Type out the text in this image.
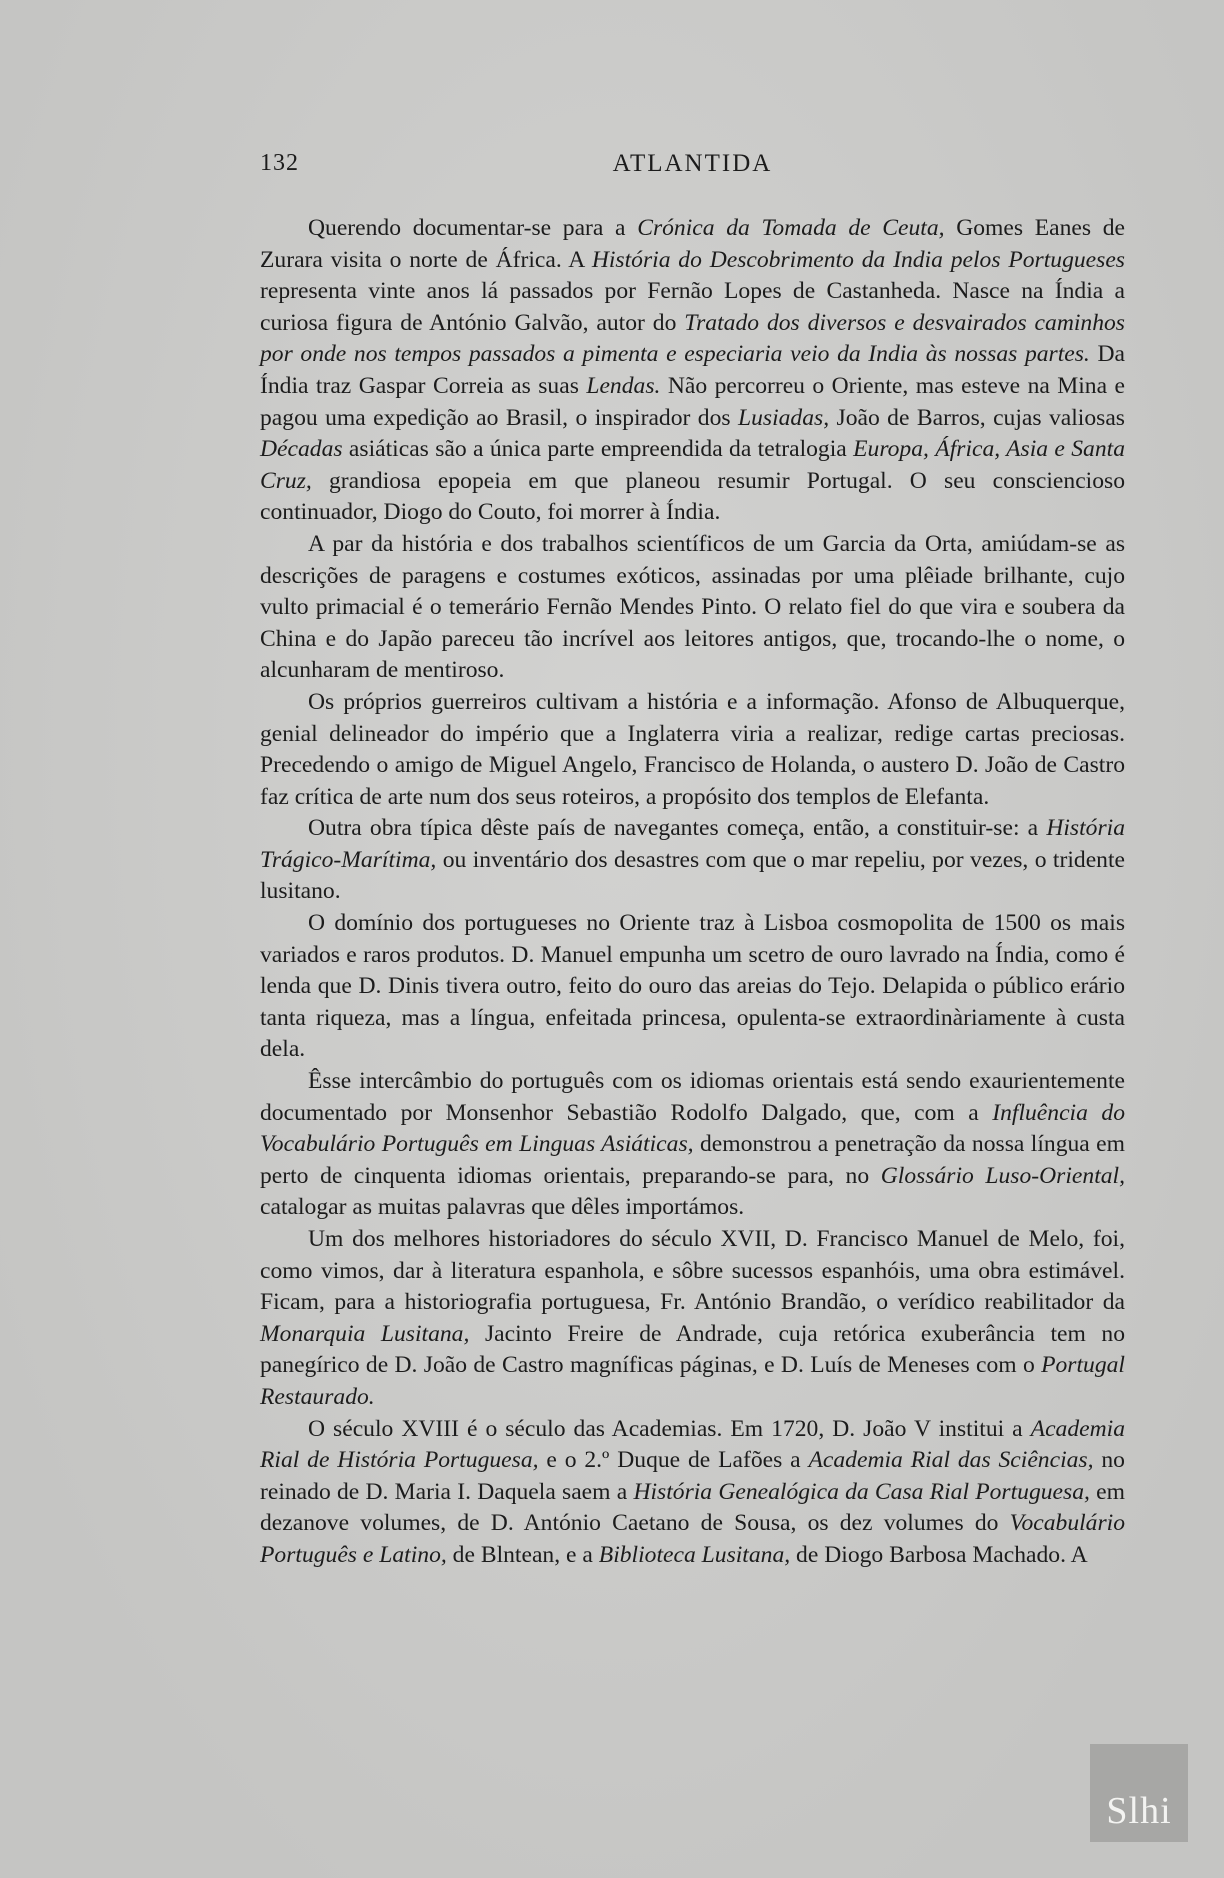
132	ATLANTIDA

Querendo documentar-se para a Crónica da Tomada de Ceuta, Gomes Eanes de Zurara visita o norte de África. A História do Descobrimento da India pelos Portugueses representa vinte anos lá passados por Fernão Lopes de Castanheda. Nasce na Índia a curiosa figura de António Galvão, autor do Tratado dos diversos e desvairados caminhos por onde nos tempos passados a pimenta e especiaria veio da India às nossas partes. Da Índia traz Gaspar Correia as suas Lendas. Não percorreu o Oriente, mas esteve na Mina e pagou uma expedição ao Brasil, o inspirador dos Lusiadas, João de Barros, cujas valiosas Décadas asiáticas são a única parte empreendida da tetralogia Europa, África, Asia e Santa Cruz, grandiosa epopeia em que planeou resumir Portugal. O seu consciencioso continuador, Diogo do Couto, foi morrer à Índia.

A par da história e dos trabalhos scientíficos de um Garcia da Orta, amiúdam-se as descrições de paragens e costumes exóticos, assinadas por uma plêiade brilhante, cujo vulto primacial é o temerário Fernão Mendes Pinto. O relato fiel do que vira e soubera da China e do Japão pareceu tão incrível aos leitores antigos, que, trocando-lhe o nome, o alcunharam de mentiroso.

Os próprios guerreiros cultivam a história e a informação. Afonso de Albuquerque, genial delineador do império que a Inglaterra viria a realizar, redige cartas preciosas. Precedendo o amigo de Miguel Angelo, Francisco de Holanda, o austero D. João de Castro faz crítica de arte num dos seus roteiros, a propósito dos templos de Elefanta.

Outra obra típica dêste país de navegantes começa, então, a constituir-se: a História Trágico-Marítima, ou inventário dos desastres com que o mar repeliu, por vezes, o tridente lusitano.

O domínio dos portugueses no Oriente traz à Lisboa cosmopolita de 1500 os mais variados e raros produtos. D. Manuel empunha um scetro de ouro lavrado na Índia, como é lenda que D. Dinis tivera outro, feito do ouro das areias do Tejo. Delapida o público erário tanta riqueza, mas a língua, enfeitada princesa, opulenta-se extraordinàriamente à custa dela.

Êsse intercâmbio do português com os idiomas orientais está sendo exaurientemente documentado por Monsenhor Sebastião Rodolfo Dalgado, que, com a Influência do Vocabulário Português em Linguas Asiáticas, demonstrou a penetração da nossa língua em perto de cinquenta idiomas orientais, preparando-se para, no Glossário Luso-Oriental, catalogar as muitas palavras que dêles importámos.

Um dos melhores historiadores do século XVII, D. Francisco Manuel de Melo, foi, como vimos, dar à literatura espanhola, e sôbre sucessos espanhóis, uma obra estimável. Ficam, para a historiografia portuguesa, Fr. António Brandão, o verídico reabilitador da Monarquia Lusitana, Jacinto Freire de Andrade, cuja retórica exuberância tem no panegírico de D. João de Castro magníficas páginas, e D. Luís de Meneses com o Portugal Restaurado.

O século XVIII é o século das Academias. Em 1720, D. João V institui a Academia Rial de História Portuguesa, e o 2.º Duque de Lafões a Academia Rial das Sciências, no reinado de D. Maria I. Daquela saem a História Genealógica da Casa Rial Portuguesa, em dezanove volumes, de D. António Caetano de Sousa, os dez volumes do Vocabulário Português e Latino, de Blntean, e a Biblioteca Lusitana, de Diogo Barbosa Machado. A

Slhi
